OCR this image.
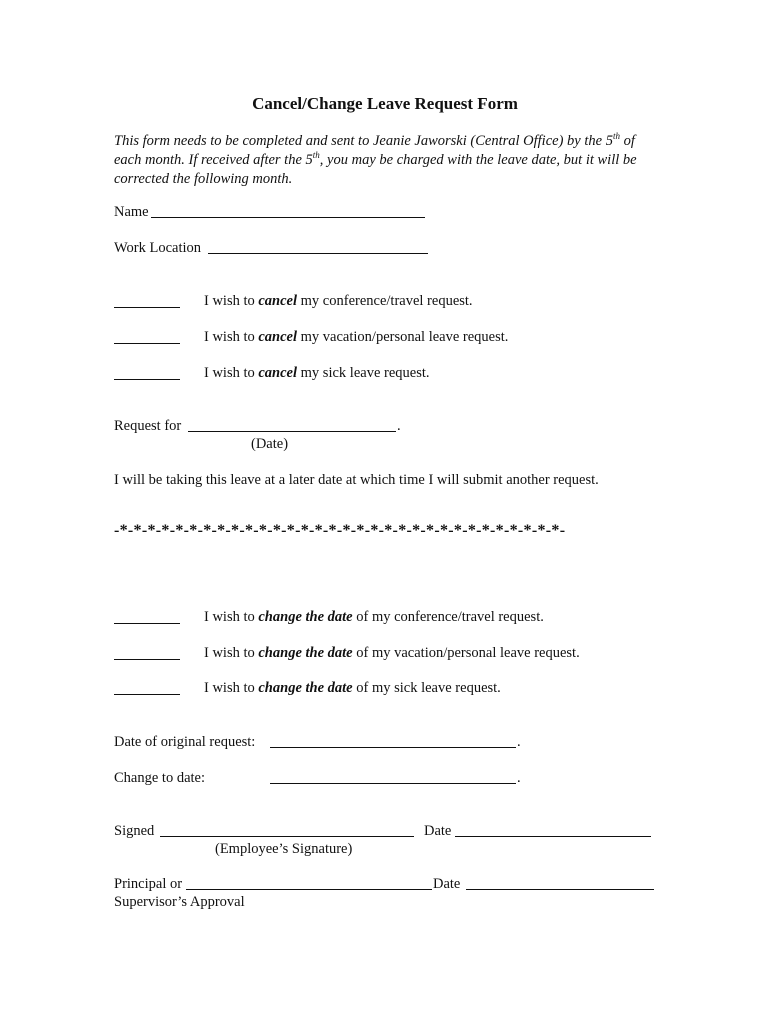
Cancel/Change Leave Request Form
This form needs to be completed and sent to Jeanie Jaworski (Central Office) by the 5th of each month. If received after the 5th, you may be charged with the leave date, but it will be corrected the following month.
Name
Work Location
I wish to cancel my conference/travel request.
I wish to cancel my vacation/personal leave request.
I wish to cancel my sick leave request.
Request for	.
(Date)
I will be taking this leave at a later date at which time I will submit another request.
-*-*-*-*-*-*-*-*-*-*-*-*-*-*-*-*-*-*-*-*-*-*-*-*-*-*-*-*-*-*-*-*-
I wish to change the date of my conference/travel request.
I wish to change the date of my vacation/personal leave request.
I wish to change the date of my sick leave request.
Date of original request:	.
Change to date:	.
Signed	Date
(Employee’s Signature)
Principal or	Date
Supervisor’s Approval
